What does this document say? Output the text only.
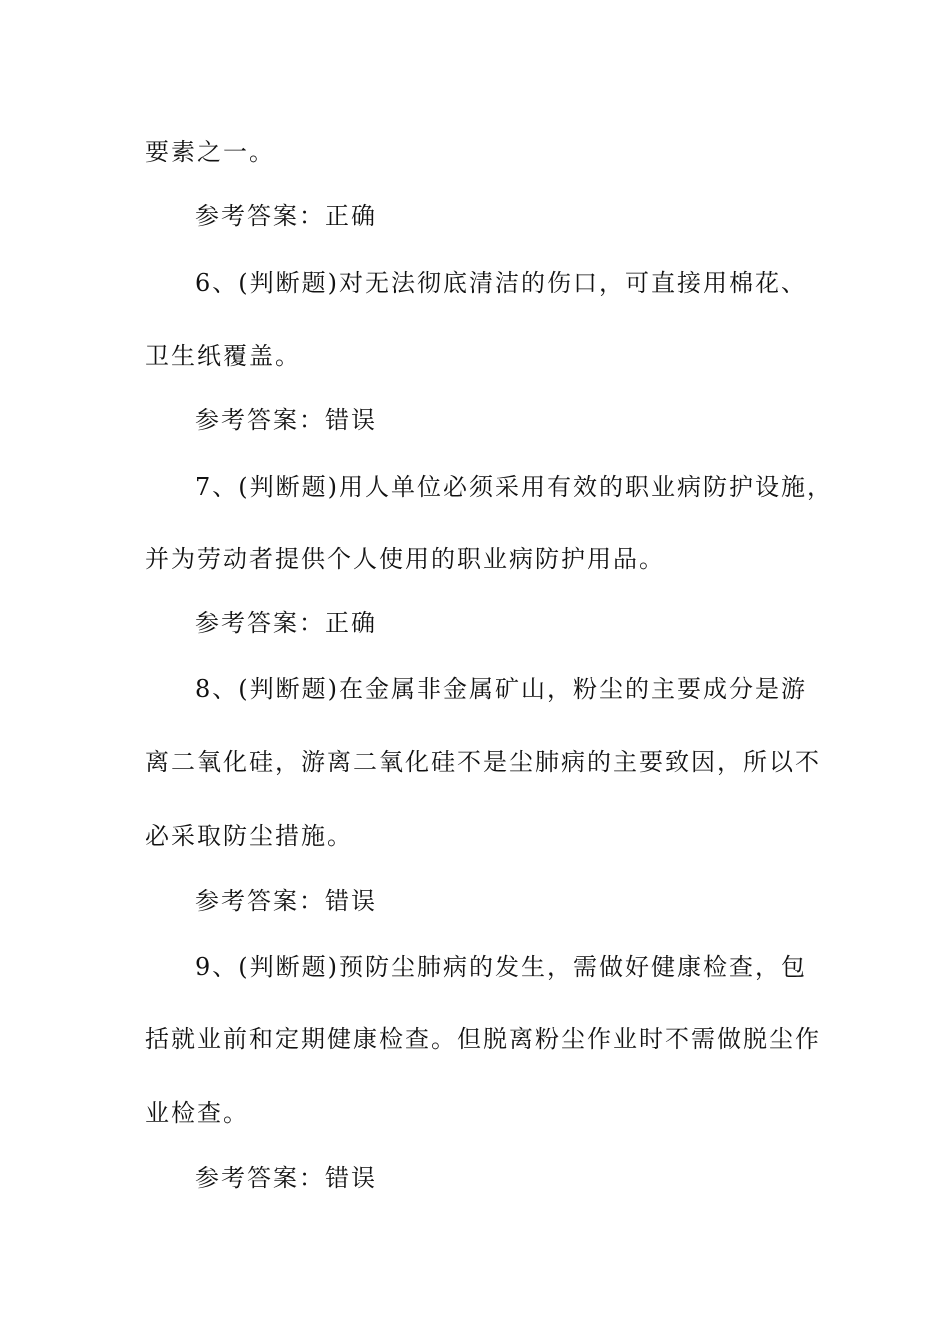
要素之一。
参考答案：正确
6、(判断题)对无法彻底清洁的伤口，可直接用棉花、
卫生纸覆盖。
参考答案：错误
7、(判断题)用人单位必须采用有效的职业病防护设施，
并为劳动者提供个人使用的职业病防护用品。
参考答案：正确
8、(判断题)在金属非金属矿山，粉尘的主要成分是游
离二氧化硅，游离二氧化硅不是尘肺病的主要致因，所以不
必采取防尘措施。
参考答案：错误
9、(判断题)预防尘肺病的发生，需做好健康检查，包
括就业前和定期健康检查。但脱离粉尘作业时不需做脱尘作
业检查。
参考答案：错误
